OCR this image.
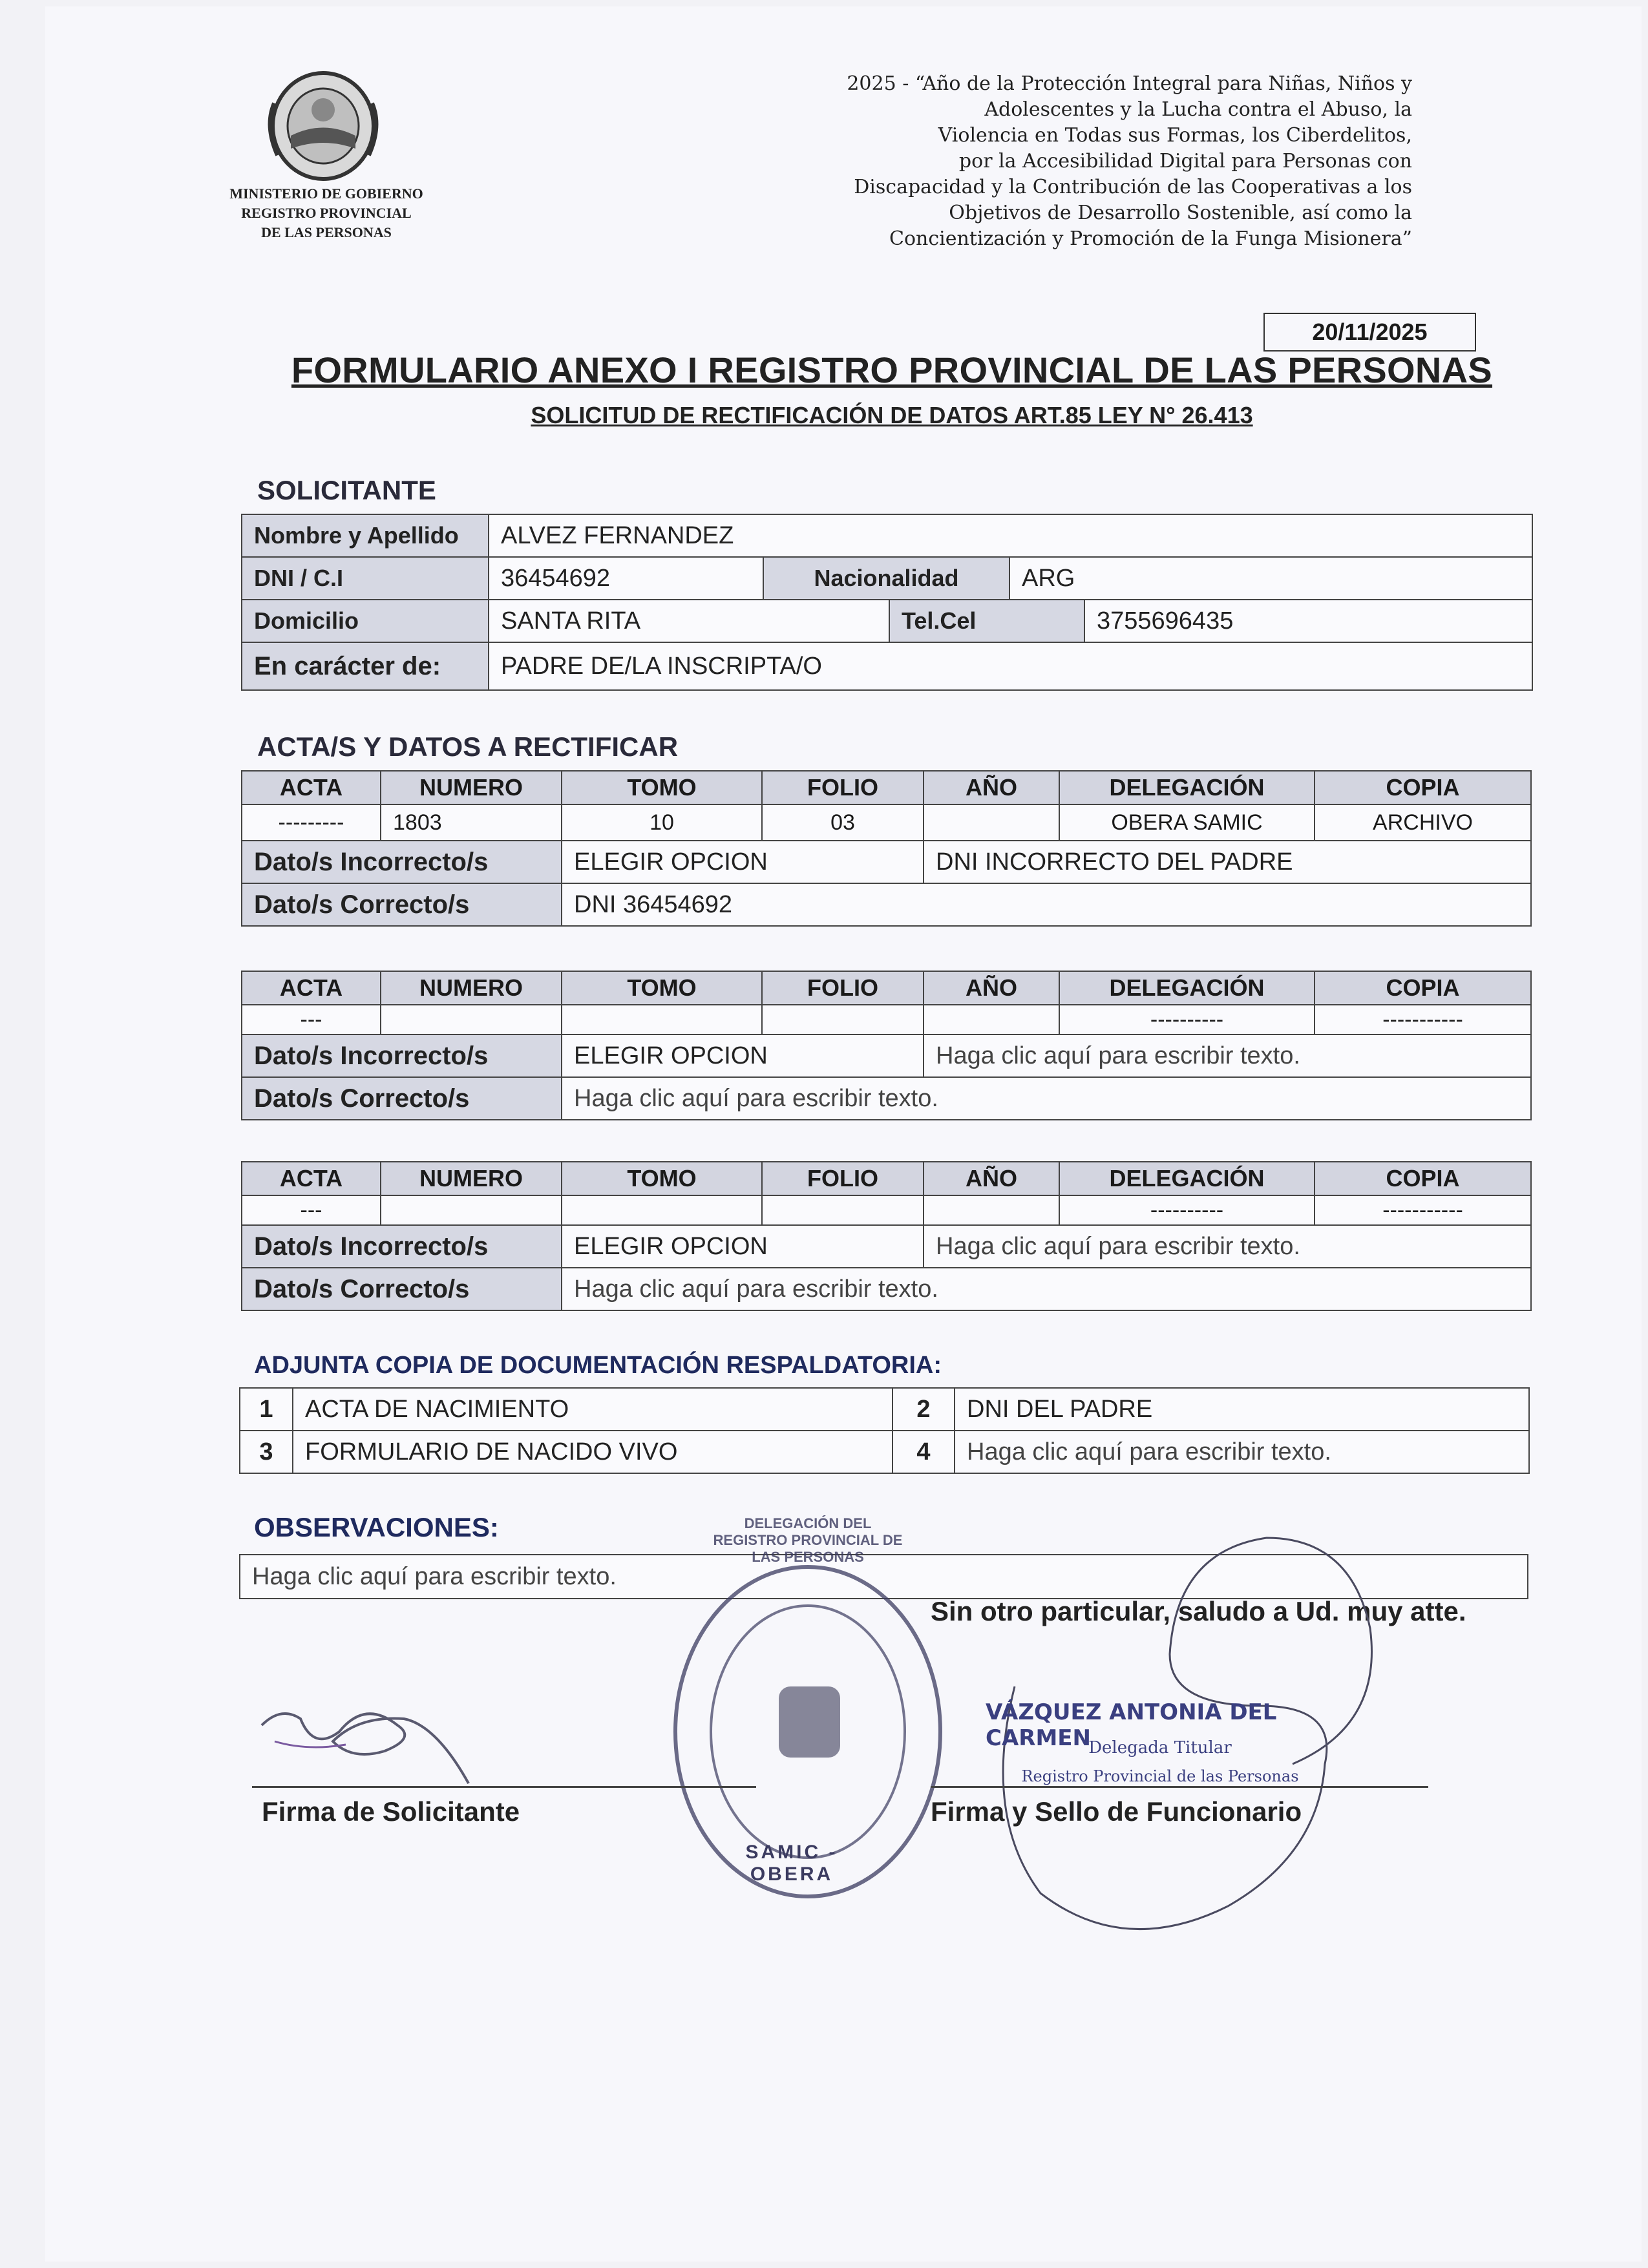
MINISTERIO DE GOBIERNO
REGISTRO PROVINCIAL
DE LAS PERSONAS
2025 - “Año de la Protección Integral para Niñas, Niños y
Adolescentes y la Lucha contra el Abuso, la
Violencia en Todas sus Formas, los Ciberdelitos,
por la Accesibilidad Digital para Personas con
Discapacidad y la Contribución de las Cooperativas a los
Objetivos de Desarrollo Sostenible, así como la
Concientización y Promoción de la Funga Misionera”
20/11/2025
FORMULARIO ANEXO I REGISTRO PROVINCIAL DE LAS PERSONAS
SOLICITUD DE RECTIFICACIÓN DE DATOS ART.85 LEY N° 26.413
SOLICITANTE
Nombre y Apellido	ALVEZ FERNANDEZ				
DNI / C.I	36454692	Nacionalidad		ARG	
Domicilio	SANTA RITA		Tel.Cel		3755696435
En carácter de:	PADRE DE/LA INSCRIPTA/O				
ACTA/S Y DATOS A RECTIFICAR
ACTA	NUMERO	TOMO	FOLIO	AÑO	DELEGACIÓN	COPIA
---------	1803	10	03		OBERA SAMIC	ARCHIVO
Dato/s Incorrecto/s		ELEGIR OPCION		DNI INCORRECTO DEL PADRE		
Dato/s Correcto/s		DNI 36454692				
ACTA	NUMERO	TOMO	FOLIO	AÑO	DELEGACIÓN	COPIA
---					----------	-----------
Dato/s Incorrecto/s		ELEGIR OPCION		Haga clic aquí para escribir texto.		
Dato/s Correcto/s		Haga clic aquí para escribir texto.				
ACTA	NUMERO	TOMO	FOLIO	AÑO	DELEGACIÓN	COPIA
---					----------	-----------
Dato/s Incorrecto/s		ELEGIR OPCION		Haga clic aquí para escribir texto.		
Dato/s Correcto/s		Haga clic aquí para escribir texto.				
ADJUNTA COPIA DE DOCUMENTACIÓN RESPALDATORIA:
1	ACTA DE NACIMIENTO	2	DNI DEL PADRE
3	FORMULARIO DE NACIDO VIVO	4	Haga clic aquí para escribir texto.
OBSERVACIONES:
Haga clic aquí para escribir texto.
Sin otro particular, saludo a Ud. muy atte.
DELEGACIÓN DEL REGISTRO PROVINCIAL DE LAS PERSONAS
SAMIC - OBERA
Firma de Solicitante
VÁZQUEZ ANTONIA DEL CARMEN
Delegada Titular
Registro Provincial de las Personas
Firma y Sello de Funcionario
